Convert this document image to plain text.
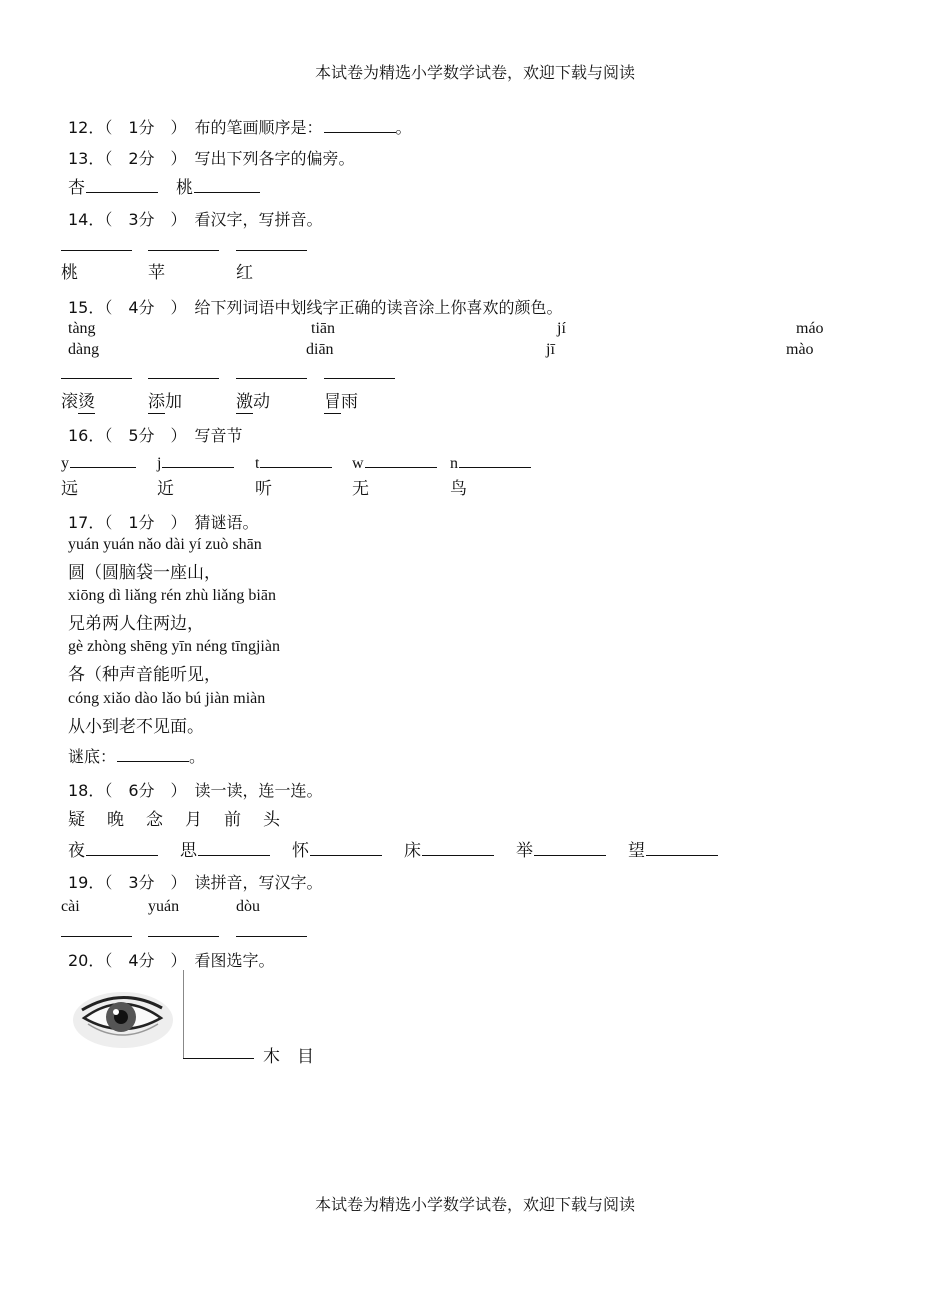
本试卷为精选小学数学试卷，欢迎下载与阅读
12．（　1分　）　布的笔画顺序是：	。
13．（　2分　）　写出下列各字的偏旁。
杏	桃
14．（　3分　）　看汉字，写拼音。
桃	苹	红
15．（　4分　）　给下列词语中划线字正确的读音涂上你喜欢的颜色。
tàng	tiān	jí	máo
dàng	diān	jī	mào
滚烫	添加	激动	冒雨
16．（　5分　）　写音节
y	j	t	w	n
远	近	听	无	鸟
17．（　1分　）　猜谜语。
yuán yuán nǎo dài yí zuò shān
圆（圆脑袋一座山，
xiōng dì liǎng rén zhù liǎng biān
兄弟两人住两边，
gè zhòng shēng yīn néng tīngjiàn
各（种声音能听见，
cóng xiǎo dào lǎo bú jiàn miàn
从小到老不见面。
谜底：	。
18．（　6分　）　读一读，连一连。
疑 晚 念 月 前 头
夜	思	怀	床	举	望
19．（　3分　）　读拼音，写汉字。
cài	yuán	dòu
20．（　4分　）　看图选字。
木　目
本试卷为精选小学数学试卷，欢迎下载与阅读
